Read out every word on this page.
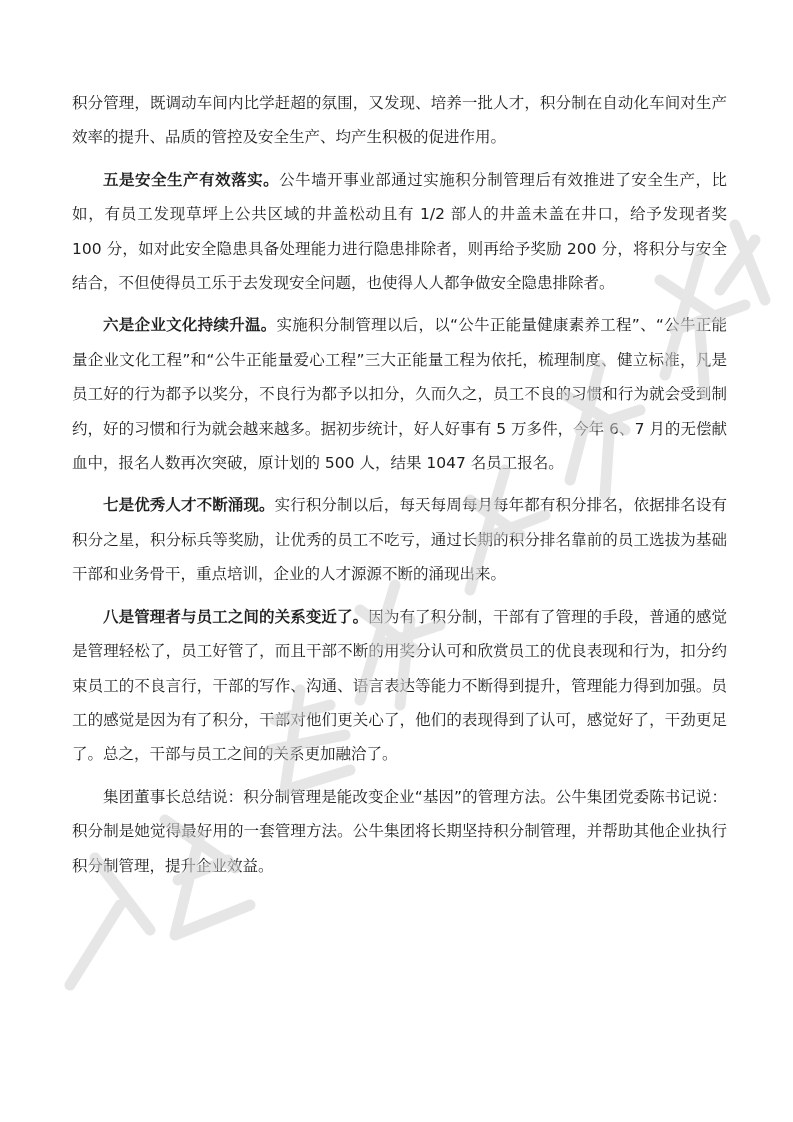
积分管理，既调动车间内比学赶超的氛围，又发现、培养一批人才，积分制在自动化车间对生产效率的提升、品质的管控及安全生产、均产生积极的促进作用。

五是安全生产有效落实。公牛墙开事业部通过实施积分制管理后有效推进了安全生产，比如，有员工发现草坪上公共区域的井盖松动且有 1/2 部人的井盖未盖在井口，给予发现者奖 100 分，如对此安全隐患具备处理能力进行隐患排除者，则再给予奖励 200 分，将积分与安全结合，不但使得员工乐于去发现安全问题，也使得人人都争做安全隐患排除者。

六是企业文化持续升温。实施积分制管理以后，以“公牛正能量健康素养工程”、“公牛正能量企业文化工程”和“公牛正能量爱心工程”三大正能量工程为依托，梳理制度、健立标准，凡是员工好的行为都予以奖分，不良行为都予以扣分，久而久之，员工不良的习惯和行为就会受到制约，好的习惯和行为就会越来越多。据初步统计，好人好事有 5 万多件，今年 6、7 月的无偿献血中，报名人数再次突破，原计划的 500 人，结果 1047 名员工报名。

七是优秀人才不断涌现。实行积分制以后，每天每周每月每年都有积分排名，依据排名设有积分之星，积分标兵等奖励，让优秀的员工不吃亏，通过长期的积分排名靠前的员工选拔为基础干部和业务骨干，重点培训，企业的人才源源不断的涌现出来。

八是管理者与员工之间的关系变近了。因为有了积分制，干部有了管理的手段，普通的感觉是管理轻松了，员工好管了，而且干部不断的用奖分认可和欣赏员工的优良表现和行为，扣分约束员工的不良言行，干部的写作、沟通、语言表达等能力不断得到提升，管理能力得到加强。员工的感觉是因为有了积分，干部对他们更关心了，他们的表现得到了认可，感觉好了，干劲更足了。总之，干部与员工之间的关系更加融洽了。

集团董事长总结说：积分制管理是能改变企业“基因”的管理方法。公牛集团党委陈书记说：积分制是她觉得最好用的一套管理方法。公牛集团将长期坚持积分制管理，并帮助其他企业执行积分制管理，提升企业效益。
